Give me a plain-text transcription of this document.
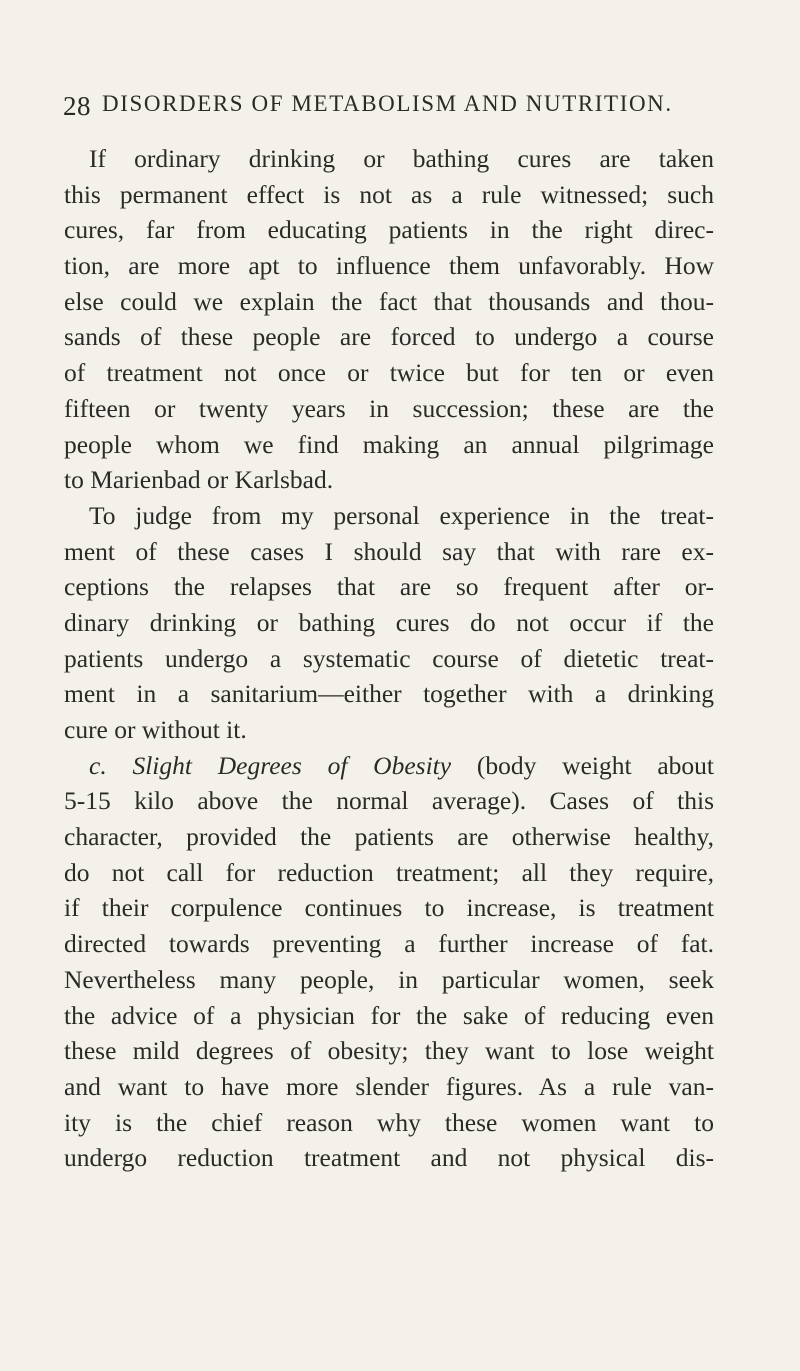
28 DISORDERS OF METABOLISM AND NUTRITION.
If ordinary drinking or bathing cures are taken
this permanent effect is not as a rule witnessed; such
cures, far from educating patients in the right direc-
tion, are more apt to influence them unfavorably. How
else could we explain the fact that thousands and thou-
sands of these people are forced to undergo a course
of treatment not once or twice but for ten or even
fifteen or twenty years in succession; these are the
people whom we find making an annual pilgrimage
to Marienbad or Karlsbad.
To judge from my personal experience in the treat-
ment of these cases I should say that with rare ex-
ceptions the relapses that are so frequent after or-
dinary drinking or bathing cures do not occur if the
patients undergo a systematic course of dietetic treat-
ment in a sanitarium—either together with a drinking
cure or without it.
c. Slight Degrees of Obesity (body weight about
5-15 kilo above the normal average). Cases of this
character, provided the patients are otherwise healthy,
do not call for reduction treatment; all they require,
if their corpulence continues to increase, is treatment
directed towards preventing a further increase of fat.
Nevertheless many people, in particular women, seek
the advice of a physician for the sake of reducing even
these mild degrees of obesity; they want to lose weight
and want to have more slender figures. As a rule van-
ity is the chief reason why these women want to
undergo reduction treatment and not physical dis-
